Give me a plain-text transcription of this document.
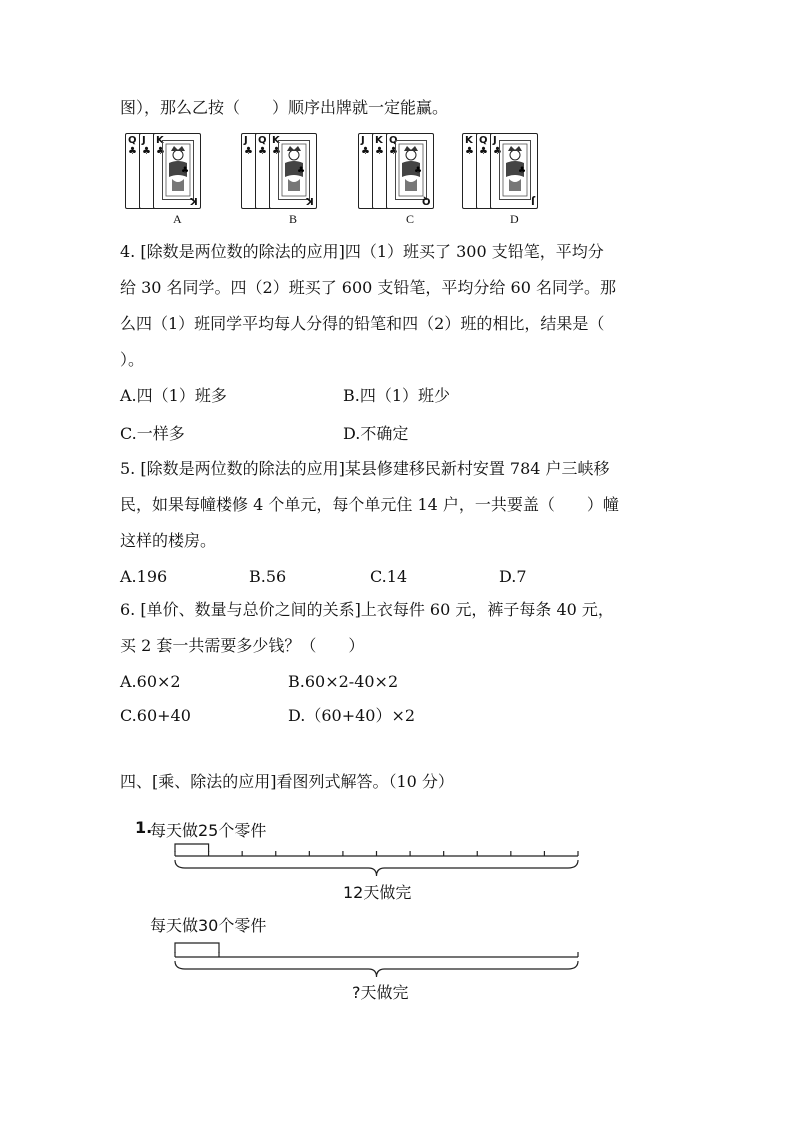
图），那么乙按（　　）顺序出牌就一定能赢。
Q
♣
J
♣
K
♣
♣
K
A
J
♣
Q
♣
K
♣
♣
K
B
J
♣
K
♣
Q
♣
♣
Q
C
K
♣
Q
♣
J
♣
♣
J
D
4. [除数是两位数的除法的应用]四（1）班买了 300 支铅笔，平均分
给 30 名同学。四（2）班买了 600 支铅笔，平均分给 60 名同学。那
么四（1）班同学平均每人分得的铅笔和四（2）班的相比，结果是（
）。
A.四（1）班多	B.四（1）班少
C.一样多	D.不确定
5. [除数是两位数的除法的应用]某县修建移民新村安置 784 户三峡移
民，如果每幢楼修 4 个单元，每个单元住 14 户，一共要盖（　　）幢
这样的楼房。
A.196	B.56	C.14	D.7
6. [单价、数量与总价之间的关系]上衣每件 60 元，裤子每条 40 元，
买 2 套一共需要多少钱？（　　）
A.60×2	B.60×2-40×2
C.60+40	D.（60+40）×2
四、[乘、除法的应用]看图列式解答。（10 分）
1.
每天做25个零件
12天做完
每天做30个零件
?天做完
